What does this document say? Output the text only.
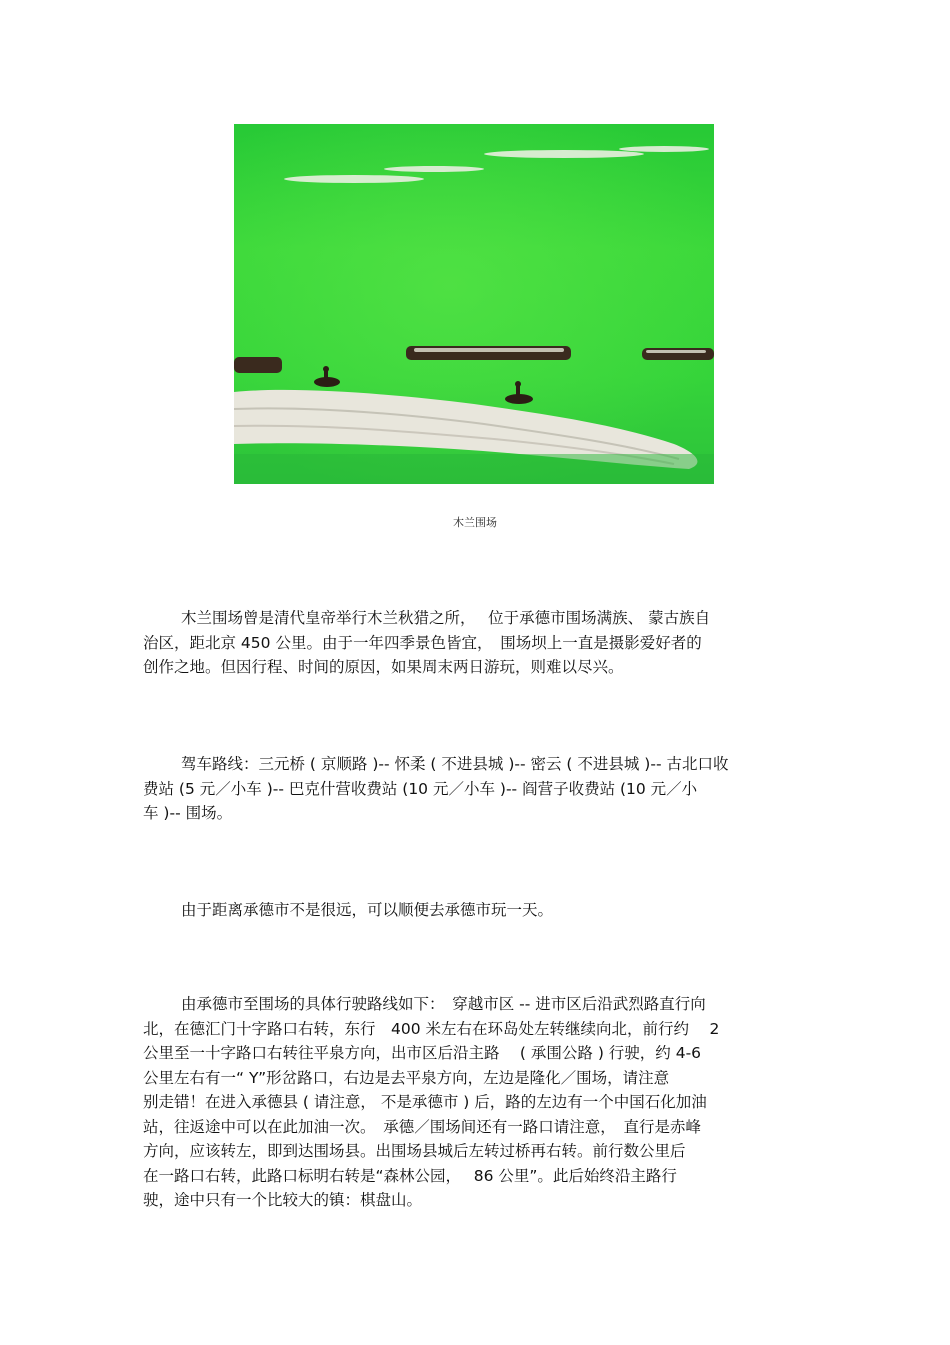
木兰围场

木兰围场曾是清代皇帝举行木兰秋猎之所，　 位于承德市围场满族、 蒙古族自
治区，距北京 450 公里。由于一年四季景色皆宜，　围场坝上一直是摄影爱好者的
创作之地。但因行程、时间的原因，如果周末两日游玩，则难以尽兴。

驾车路线：三元桥 ( 京顺路 )-- 怀柔 ( 不进县城 )-- 密云 ( 不进县城 )-- 古北口收
费站 (5 元／小车 )-- 巴克什营收费站 (10 元／小车 )-- 阎营子收费站 (10 元／小
车 )-- 围场。

由于距离承德市不是很远，可以顺便去承德市玩一天。

由承德市至围场的具体行驶路线如下：　穿越市区 -- 进市区后沿武烈路直行向
北，在德汇门十字路口右转，东行　400 米左右在环岛处左转继续向北，前行约　 2
公里至一十字路口右转往平泉方向，出市区后沿主路　 ( 承围公路 ) 行驶，约 4-6
公里左右有一“ Y”形岔路口，右边是去平泉方向，左边是隆化／围场，请注意
别走错！在进入承德县 ( 请注意， 不是承德市 ) 后，路的左边有一个中国石化加油
站，往返途中可以在此加油一次。　承德／围场间还有一路口请注意，　直行是赤峰
方向，应该转左，即到达围场县。出围场县城后左转过桥再右转。前行数公里后
在一路口右转，此路口标明右转是“森林公园，　 86 公里”。此后始终沿主路行
驶，途中只有一个比较大的镇：棋盘山。
